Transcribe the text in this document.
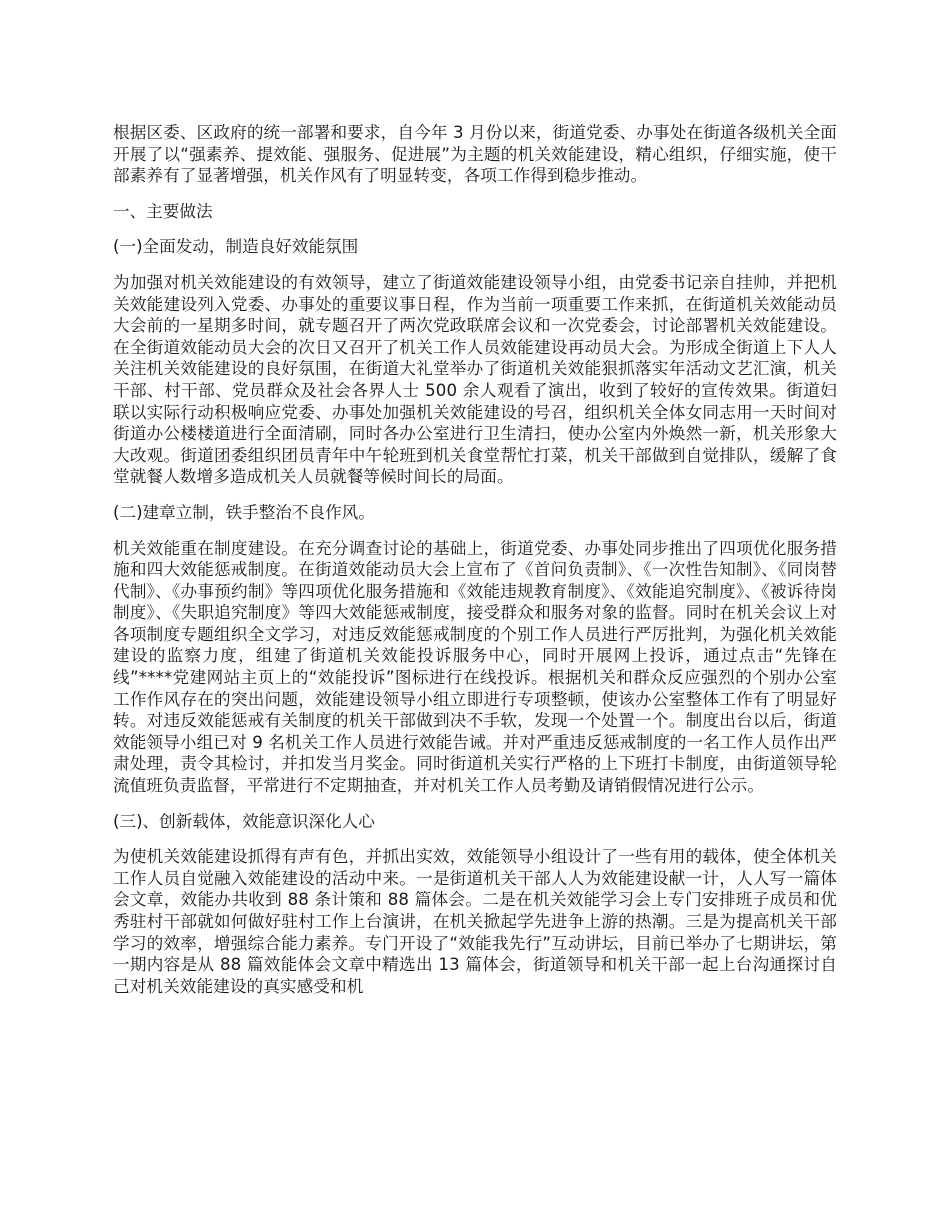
根据区委、区政府的统一部署和要求，自今年 3 月份以来，街道党委、办事处在街道各级机关全面开展了以“强素养、提效能、强服务、促进展”为主题的机关效能建设，精心组织，仔细实施，使干部素养有了显著增强，机关作风有了明显转变，各项工作得到稳步推动。

一、主要做法

(一)全面发动，制造良好效能氛围

为加强对机关效能建设的有效领导，建立了街道效能建设领导小组，由党委书记亲自挂帅，并把机关效能建设列入党委、办事处的重要议事日程，作为当前一项重要工作来抓，在街道机关效能动员大会前的一星期多时间，就专题召开了两次党政联席会议和一次党委会，讨论部署机关效能建设。在全街道效能动员大会的次日又召开了机关工作人员效能建设再动员大会。为形成全街道上下人人关注机关效能建设的良好氛围，在街道大礼堂举办了街道机关效能狠抓落实年活动文艺汇演，机关干部、村干部、党员群众及社会各界人士 500 余人观看了演出，收到了较好的宣传效果。街道妇联以实际行动积极响应党委、办事处加强机关效能建设的号召，组织机关全体女同志用一天时间对街道办公楼楼道进行全面清刷，同时各办公室进行卫生清扫，使办公室内外焕然一新，机关形象大大改观。街道团委组织团员青年中午轮班到机关食堂帮忙打菜，机关干部做到自觉排队，缓解了食堂就餐人数增多造成机关人员就餐等候时间长的局面。

(二)建章立制，铁手整治不良作风。

机关效能重在制度建设。在充分调查讨论的基础上，街道党委、办事处同步推出了四项优化服务措施和四大效能惩戒制度。在街道效能动员大会上宣布了《首问负责制》、《一次性告知制》、《同岗替代制》、《办事预约制》等四项优化服务措施和《效能违规教育制度》、《效能追究制度》、《被诉待岗制度》、《失职追究制度》等四大效能惩戒制度，接受群众和服务对象的监督。同时在机关会议上对各项制度专题组织全文学习，对违反效能惩戒制度的个别工作人员进行严厉批判，为强化机关效能建设的监察力度，组建了街道机关效能投诉服务中心，同时开展网上投诉，通过点击“先锋在线”****党建网站主页上的“效能投诉”图标进行在线投诉。根据机关和群众反应强烈的个别办公室工作作风存在的突出问题，效能建设领导小组立即进行专项整顿，使该办公室整体工作有了明显好转。对违反效能惩戒有关制度的机关干部做到决不手软，发现一个处置一个。制度出台以后，街道效能领导小组已对 9 名机关工作人员进行效能告诫。并对严重违反惩戒制度的一名工作人员作出严肃处理，责令其检讨，并扣发当月奖金。同时街道机关实行严格的上下班打卡制度，由街道领导轮流值班负责监督，平常进行不定期抽查，并对机关工作人员考勤及请销假情况进行公示。

(三)、创新载体，效能意识深化人心

为使机关效能建设抓得有声有色，并抓出实效，效能领导小组设计了一些有用的载体，使全体机关工作人员自觉融入效能建设的活动中来。一是街道机关干部人人为效能建设献一计，人人写一篇体会文章，效能办共收到 88 条计策和 88 篇体会。二是在机关效能学习会上专门安排班子成员和优秀驻村干部就如何做好驻村工作上台演讲，在机关掀起学先进争上游的热潮。三是为提高机关干部学习的效率，增强综合能力素养。专门开设了“效能我先行”互动讲坛，目前已举办了七期讲坛，第一期内容是从 88 篇效能体会文章中精选出 13 篇体会，街道领导和机关干部一起上台沟通探讨自己对机关效能建设的真实感受和机
